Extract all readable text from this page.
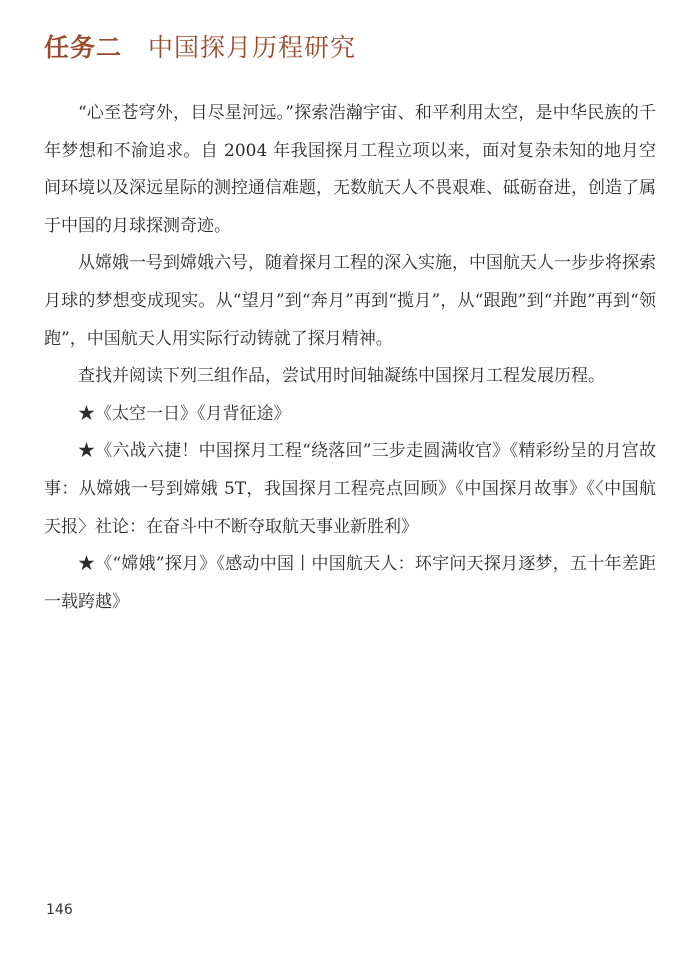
任务二 中国探月历程研究

“心至苍穹外，目尽星河远。”探索浩瀚宇宙、和平利用太空，是中华民族的千年梦想和不渝追求。自 2004 年我国探月工程立项以来，面对复杂未知的地月空间环境以及深远星际的测控通信难题，无数航天人不畏艰难、砥砺奋进，创造了属于中国的月球探测奇迹。

从嫦娥一号到嫦娥六号，随着探月工程的深入实施，中国航天人一步步将探索月球的梦想变成现实。从“望月”到“奔月”再到“揽月”，从“跟跑”到“并跑”再到“领跑”，中国航天人用实际行动铸就了探月精神。

查找并阅读下列三组作品，尝试用时间轴凝练中国探月工程发展历程。

★《太空一日》《月背征途》

★《六战六捷！中国探月工程“绕落回”三步走圆满收官》《精彩纷呈的月宫故事：从嫦娥一号到嫦娥 5T，我国探月工程亮点回顾》《中国探月故事》《〈中国航天报〉社论：在奋斗中不断夺取航天事业新胜利》

★《“嫦娥”探月》《感动中国丨中国航天人：环宇问天探月逐梦，五十年差距一载跨越》

146
